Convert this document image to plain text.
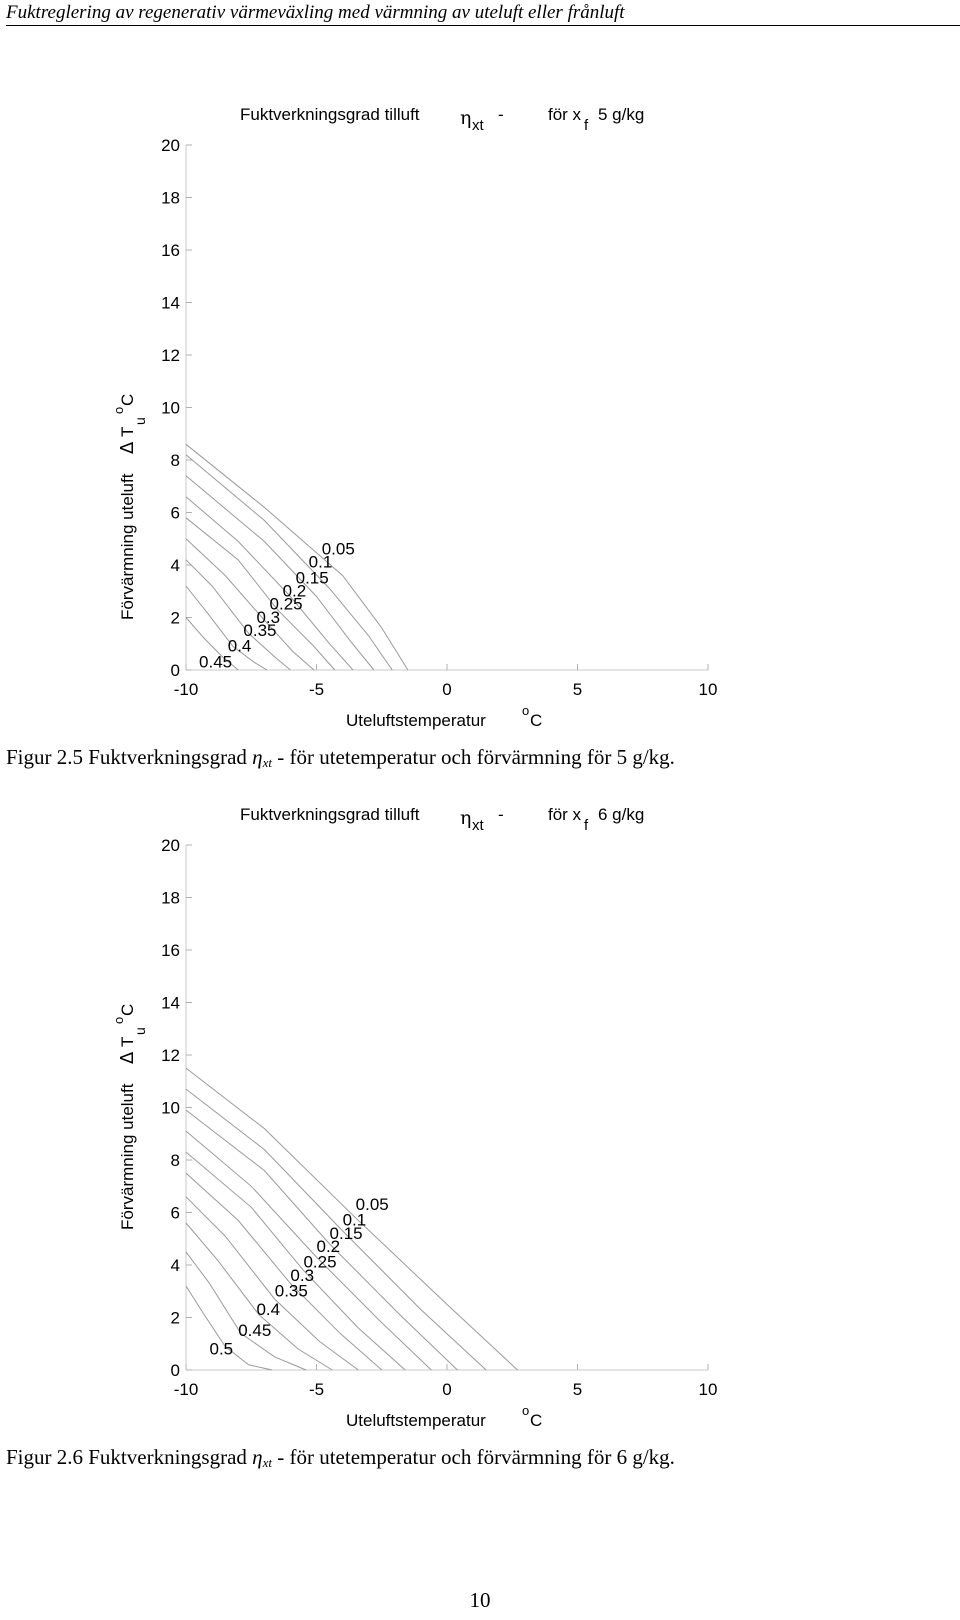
Fuktreglering av regenerativ värmeväxling med värmning av uteluft eller frånluft
Fuktverkningsgrad tilluft η xt
-	för x
f
5 g/kg
0
2
4
6
8
10
12
14
16
18
20
-10	-5	0	5	10
0.05
0.1
0.15
0.2
0.25
0.3
0.35
0.4
0.45
Förvärmning uteluft
Δ
T
u
o
C
Uteluftstemperatur
o
C
Figur 2.5 Fuktverkningsgrad $\eta_{xt}$ - för utetemperatur och förvärmning för 5 g/kg.
Fuktverkningsgrad tilluft η xt
-	för x
f
6 g/kg
0
2
4
6
8
10
12
14
16
18
20
-10	-5	0	5	10
0.05
0.1
0.15
0.2
0.25
0.3
0.35
0.4
0.45
0.5
Förvärmning uteluft
Δ
T
u
o
C
Uteluftstemperatur
o
C
Figur 2.6 Fuktverkningsgrad $\eta_{xt}$ - för utetemperatur och förvärmning för 6 g/kg.
10
